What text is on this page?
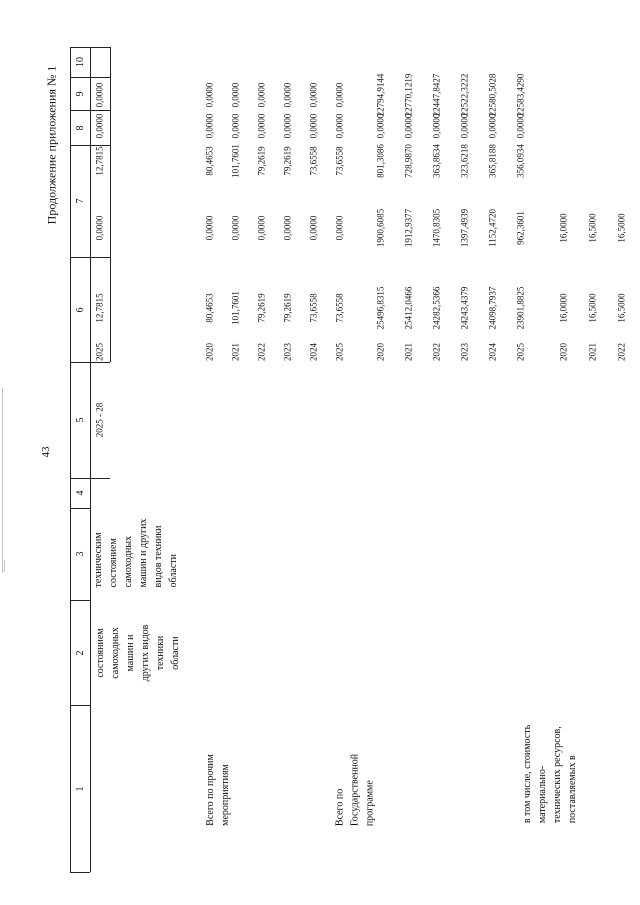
43
Продолжение приложения № 1
1
2
3
4
5
6
7
8
9
10
состоянием
самоходных
машин и
других видов
техники
области
техническим
состоянием
самоходных
машин и других
видов техники
области
2025 - 28
2025
12,7815
0,0000
12,7815
0,0000
0,0000
Всего по прочим
мероприятиям
2020
80,4653
0,0000
80,4653
0,0000
0,0000
2021
101,7601
0,0000
101,7601
0,0000
0,0000
2022
79,2619
0,0000
79,2619
0,0000
0,0000
2023
79,2619
0,0000
79,2619
0,0000
0,0000
2024
73,6558
0,0000
73,6558
0,0000
0,0000
2025
73,6558
0,0000
73,6558
0,0000
0,0000
Всего по
Государственной
программе
2020
25496,8315
1900,6085
801,3086
0,0000
22794,9144
2021
25412,0466
1912,9377
728,9870
0,0000
22770,1219
2022
24282,5366
1470,8305
363,8634
0,0000
22447,8427
2023
24243,4379
1397,4939
323,6218
0,0000
22522,3222
2024
24098,7937
1152,4720
365,8188
0,0000
22580,5028
2025
23901,8825
962,3601
356,0934
0,0000
22583,4290
в том числе, стоимость
материально-
технических ресурсов,
поставляемых в
2020
16,0000
16,0000
2021
16,5000
16,5000
2022
16,5000
16,5000
